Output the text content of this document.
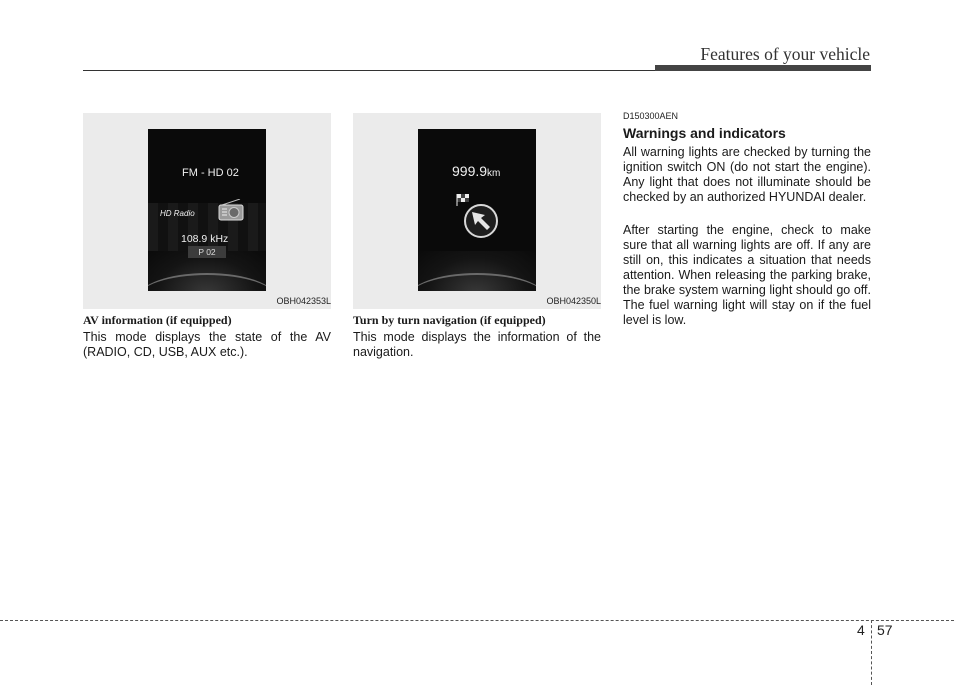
Features of your vehicle
FM - HD 02
HD Radio
108.9 kHz
P 02
OBH042353L
AV information (if equipped)
This mode displays the state of the AV (RADIO, CD, USB, AUX etc.).
999.9km
OBH042350L
Turn by turn navigation (if equipped)
This mode displays the information of the navigation.
D150300AEN
Warnings and indicators
All warning lights are checked by turning the ignition switch ON (do not start the engine). Any light that does not illuminate should be checked by an authorized HYUNDAI dealer.
After starting the engine, check to make sure that all warning lights are off. If any are still on, this indicates a situation that needs attention. When releasing the parking brake, the brake system warning light should go off. The fuel warning light will stay on if the fuel level is low.
4 57
